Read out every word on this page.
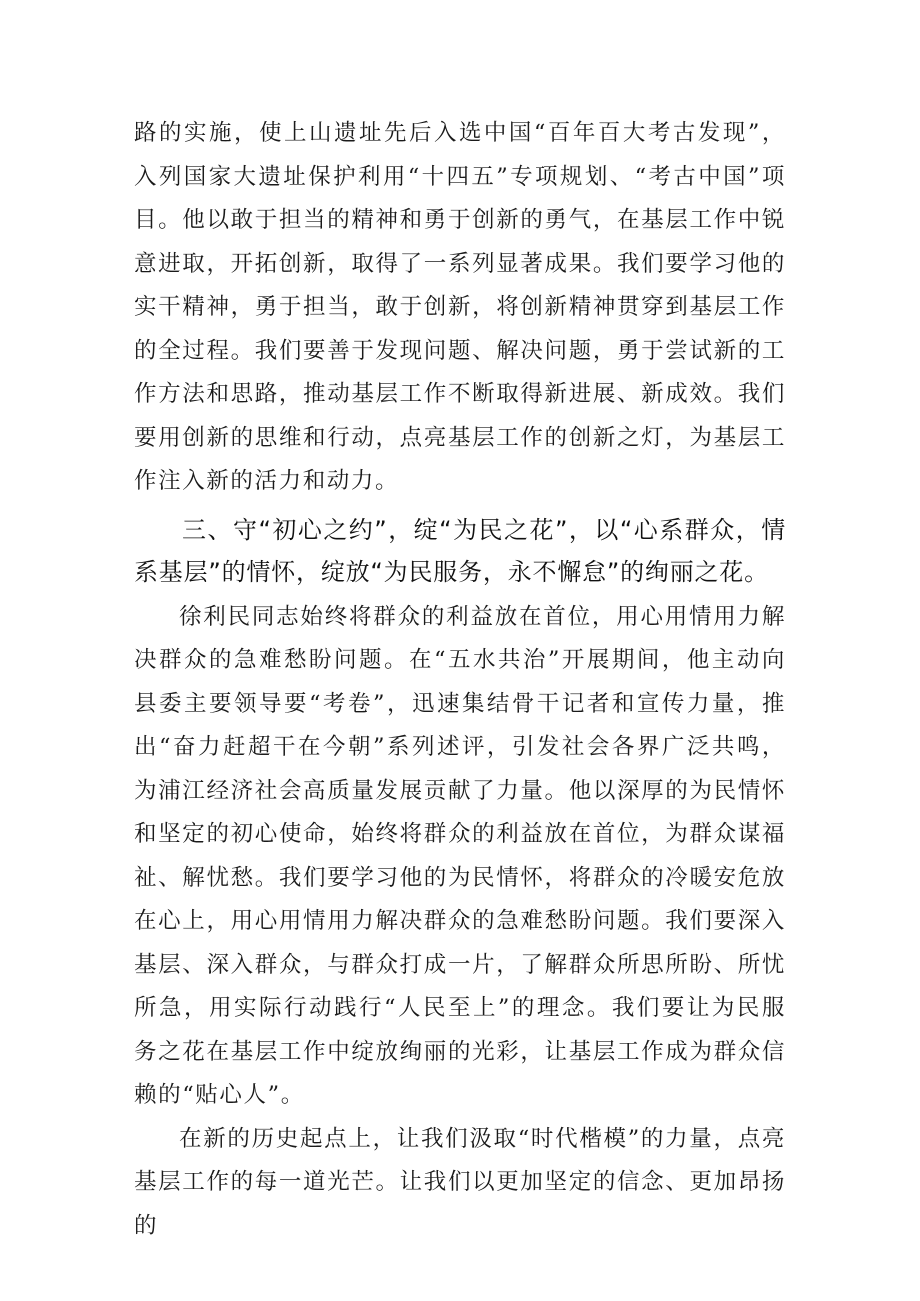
路的实施，使上山遗址先后入选中国“百年百大考古发现”，入列国家大遗址保护利用“十四五”专项规划、“考古中国”项目。他以敢于担当的精神和勇于创新的勇气，在基层工作中锐意进取，开拓创新，取得了一系列显著成果。我们要学习他的实干精神，勇于担当，敢于创新，将创新精神贯穿到基层工作的全过程。我们要善于发现问题、解决问题，勇于尝试新的工作方法和思路，推动基层工作不断取得新进展、新成效。我们要用创新的思维和行动，点亮基层工作的创新之灯，为基层工作注入新的活力和动力。

三、守“初心之约”，绽“为民之花”，以“心系群众，情系基层”的情怀，绽放“为民服务，永不懈怠”的绚丽之花。

徐利民同志始终将群众的利益放在首位，用心用情用力解决群众的急难愁盼问题。在“五水共治”开展期间，他主动向县委主要领导要“考卷”，迅速集结骨干记者和宣传力量，推出“奋力赶超干在今朝”系列述评，引发社会各界广泛共鸣，为浦江经济社会高质量发展贡献了力量。他以深厚的为民情怀和坚定的初心使命，始终将群众的利益放在首位，为群众谋福祉、解忧愁。我们要学习他的为民情怀，将群众的冷暖安危放在心上，用心用情用力解决群众的急难愁盼问题。我们要深入基层、深入群众，与群众打成一片，了解群众所思所盼、所忧所急，用实际行动践行“人民至上”的理念。我们要让为民服务之花在基层工作中绽放绚丽的光彩，让基层工作成为群众信赖的“贴心人”。

在新的历史起点上，让我们汲取“时代楷模”的力量，点亮基层工作的每一道光芒。让我们以更加坚定的信念、更加昂扬的
